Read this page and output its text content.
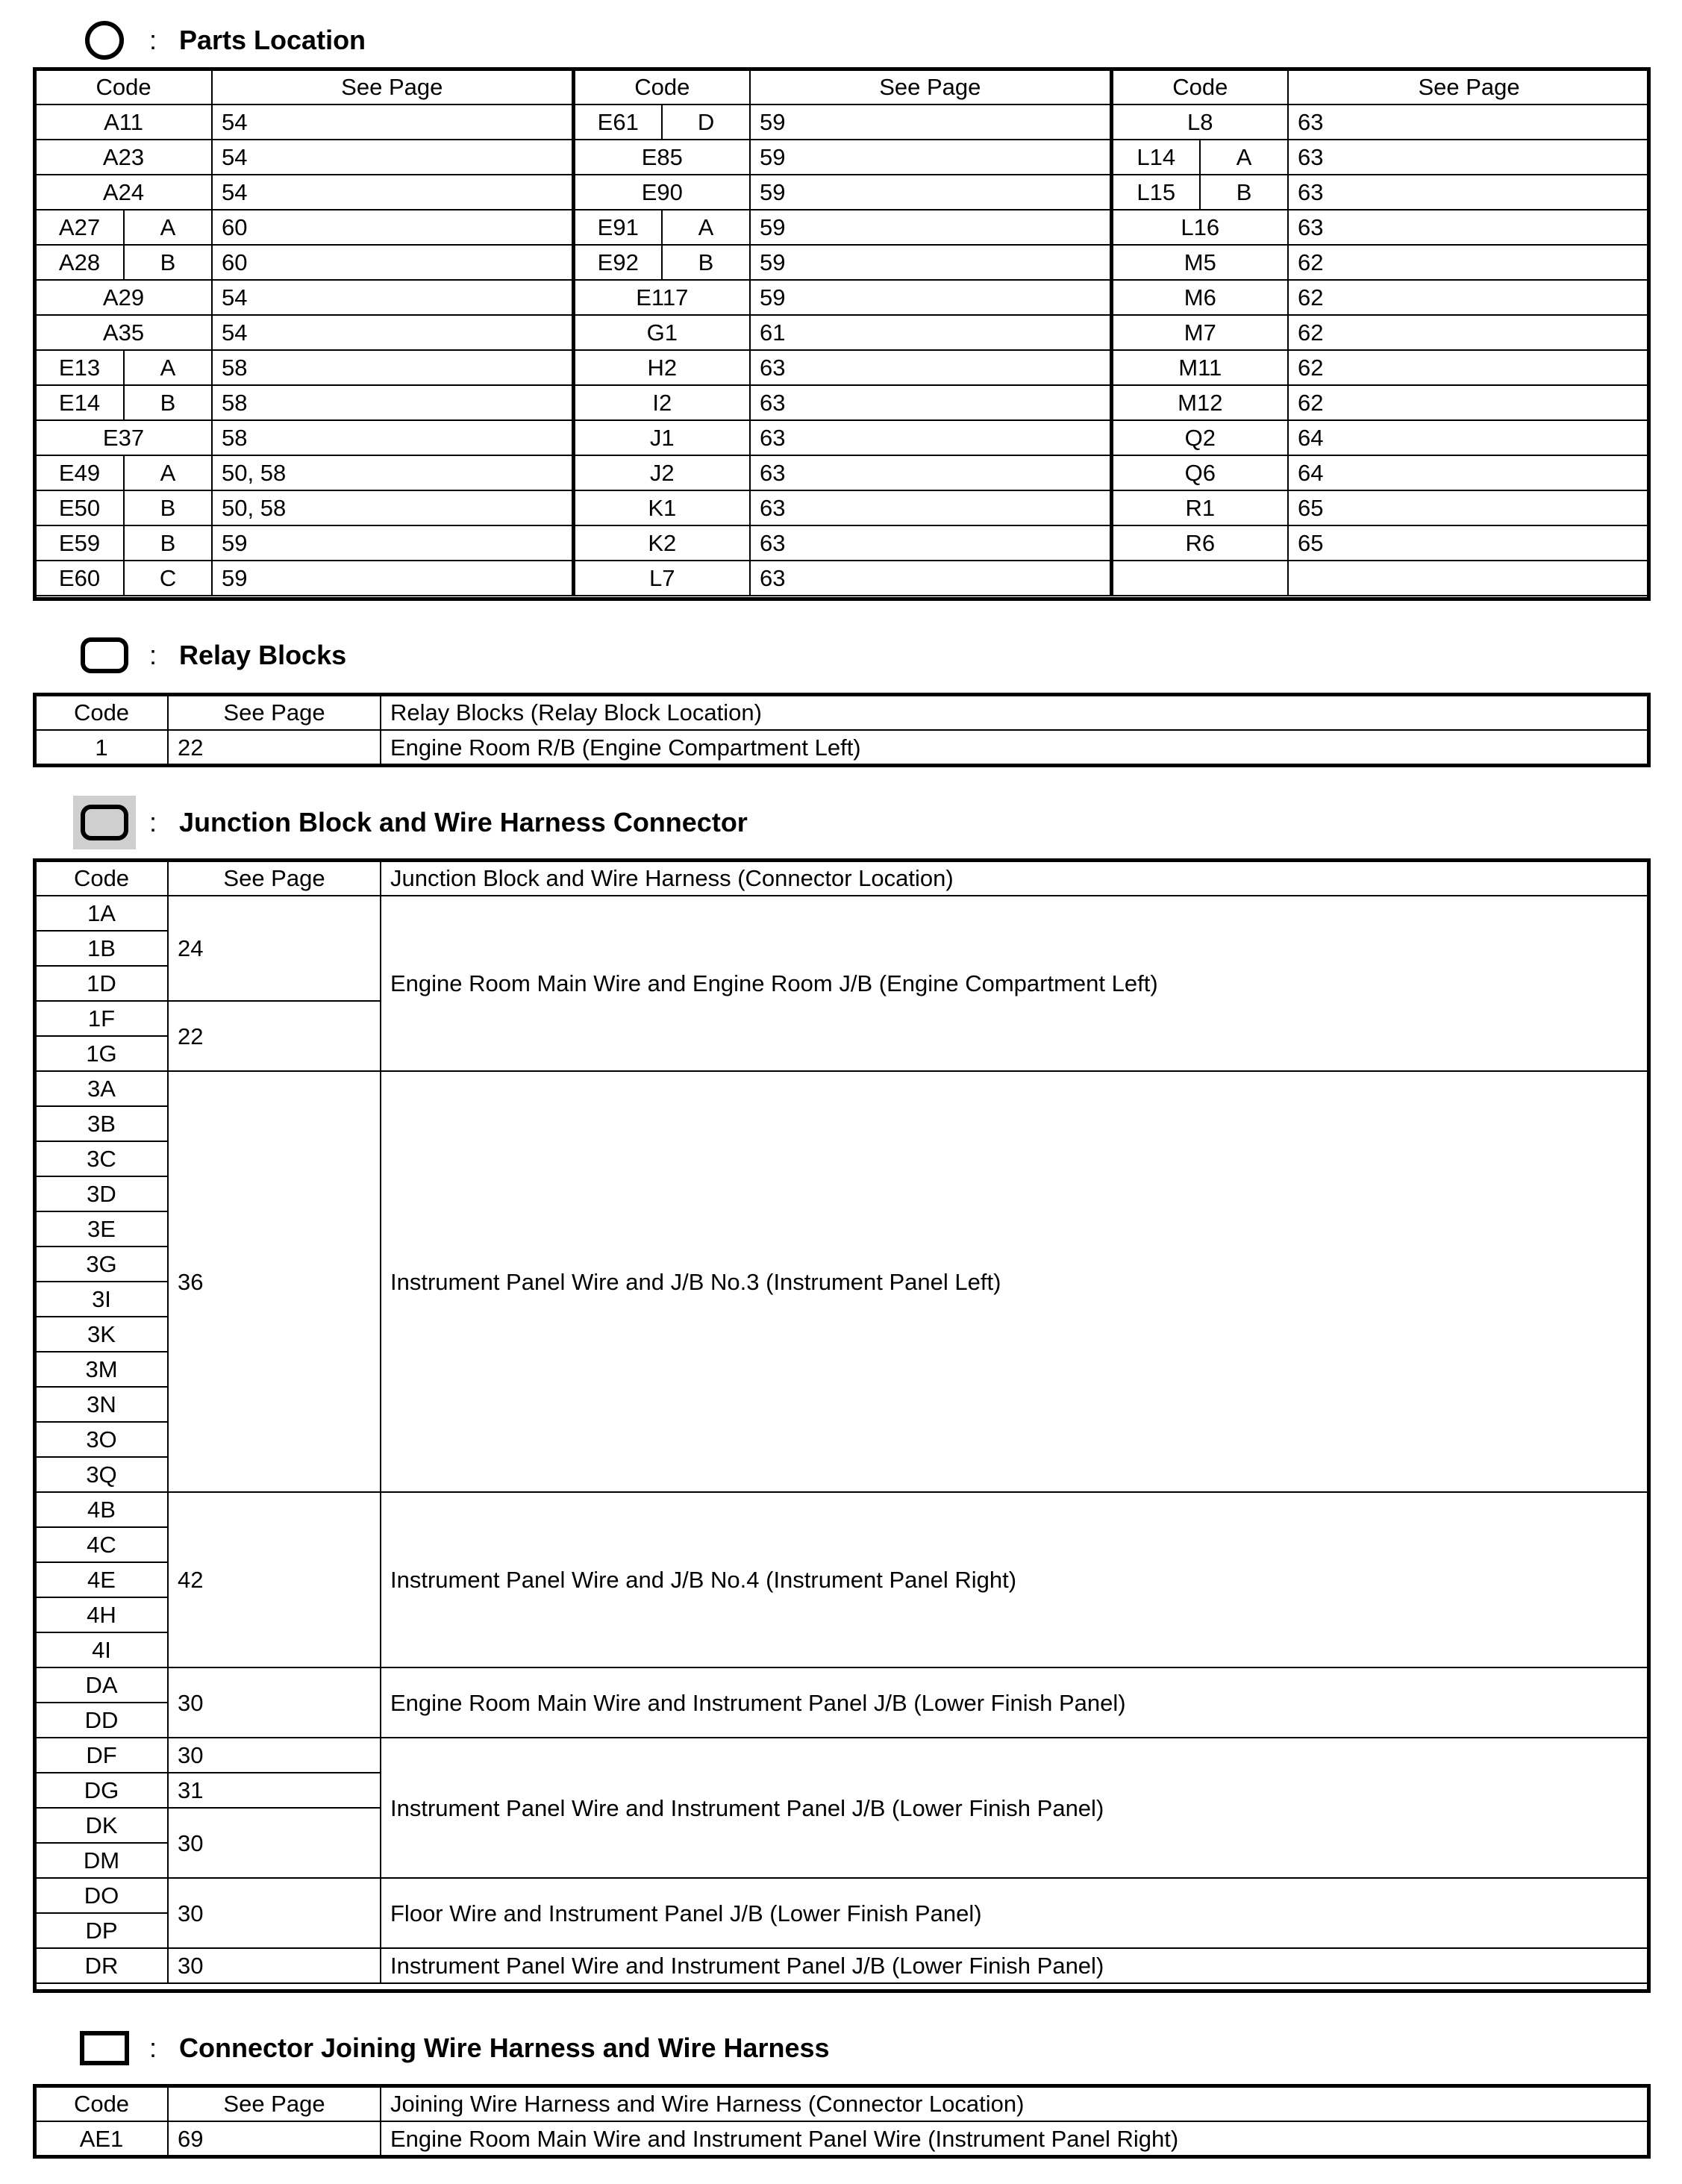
: Parts Location
Code		See Page	Code		See Page	Code		See Page
A11		54	E61	D	59	L8		63
A23		54	E85		59	L14	A	63
A24		54	E90		59	L15	B	63
A27	A	60	E91	A	59	L16		63
A28	B	60	E92	B	59	M5		62
A29		54	E117		59	M6		62
A35		54	G1		61	M7		62
E13	A	58	H2		63	M11		62
E14	B	58	I2		63	M12		62
E37		58	J1		63	Q2		64
E49	A	50, 58	J2		63	Q6		64
E50	B	50, 58	K1		63	R1		65
E59	B	59	K2		63	R6		65
E60	C	59	L7		63			
: Relay Blocks
Code	See Page	Relay Blocks (Relay Block Location)
1	22	Engine Room R/B (Engine Compartment Left)
: Junction Block and Wire Harness Connector
Code	See Page	Junction Block and Wire Harness (Connector Location)
1A	24	Engine Room Main Wire and Engine Room J/B (Engine Compartment Left)
1B		
1D		
1F	22	
1G		
3A	36	Instrument Panel Wire and J/B No.3 (Instrument Panel Left)
3B		
3C		
3D		
3E		
3G		
3I		
3K		
3M		
3N		
3O		
3Q		
4B	42	Instrument Panel Wire and J/B No.4 (Instrument Panel Right)
4C		
4E		
4H		
4I		
DA	30	Engine Room Main Wire and Instrument Panel J/B (Lower Finish Panel)
DD		
DF	30	Instrument Panel Wire and Instrument Panel J/B (Lower Finish Panel)
DG	31	
DK	30	
DM		
DO	30	Floor Wire and Instrument Panel J/B (Lower Finish Panel)
DP		
DR	30	Instrument Panel Wire and Instrument Panel J/B (Lower Finish Panel)
: Connector Joining Wire Harness and Wire Harness
Code	See Page	Joining Wire Harness and Wire Harness (Connector Location)
AE1	69	Engine Room Main Wire and Instrument Panel Wire (Instrument Panel Right)
